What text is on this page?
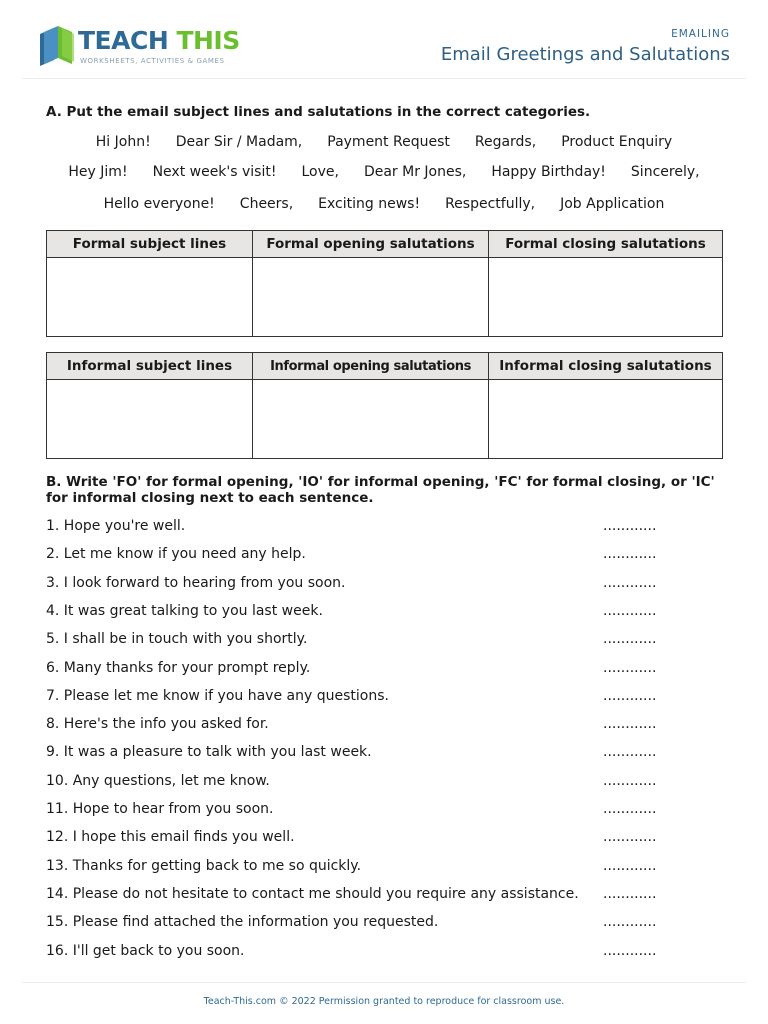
TEACH THIS
WORKSHEETS, ACTIVITIES & GAMES
EMAILING
Email Greetings and Salutations
A. Put the email subject lines and salutations in the correct categories.
Hi John! Dear Sir / Madam, Payment Request Regards, Product Enquiry
Hey Jim! Next week's visit! Love, Dear Mr Jones, Happy Birthday! Sincerely,
Hello everyone! Cheers, Exciting news! Respectfully, Job Application
Formal subject lines	Formal opening salutations	Formal closing salutations

Informal subject lines	Informal opening salutations	Informal closing salutations

B. Write 'FO' for formal opening, 'IO' for informal opening, 'FC' for formal closing, or 'IC' for informal closing next to each sentence.
1. Hope you're well.	............
2. Let me know if you need any help.	............
3. I look forward to hearing from you soon.	............
4. It was great talking to you last week.	............
5. I shall be in touch with you shortly.	............
6. Many thanks for your prompt reply.	............
7. Please let me know if you have any questions.	............
8. Here's the info you asked for.	............
9. It was a pleasure to talk with you last week.	............
10. Any questions, let me know.	............
11. Hope to hear from you soon.	............
12. I hope this email finds you well.	............
13. Thanks for getting back to me so quickly.	............
14. Please do not hesitate to contact me should you require any assistance. ............
15. Please find attached the information you requested.	............
16. I'll get back to you soon.	............
Teach-This.com © 2022 Permission granted to reproduce for classroom use.
